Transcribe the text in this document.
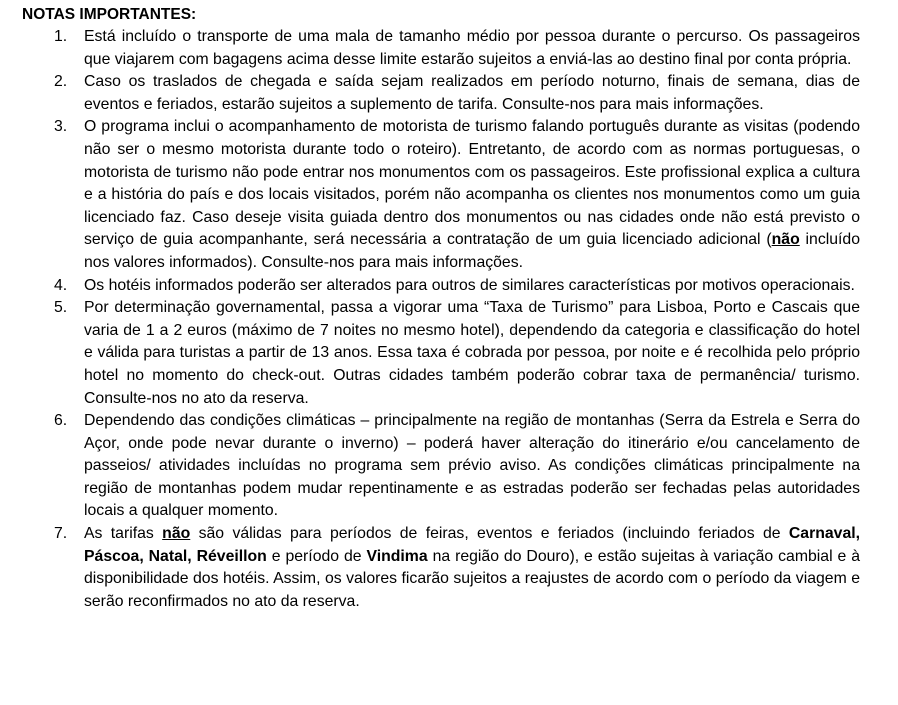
NOTAS IMPORTANTES:

1.	Está incluído o transporte de uma mala de tamanho médio por pessoa durante o percurso. Os passageiros que viajarem com bagagens acima desse limite estarão sujeitos a enviá-las ao destino final por conta própria.
2.	Caso os traslados de chegada e saída sejam realizados em período noturno, finais de semana, dias de eventos e feriados, estarão sujeitos a suplemento de tarifa. Consulte-nos para mais informações.
3.	O programa inclui o acompanhamento de motorista de turismo falando português durante as visitas (podendo não ser o mesmo motorista durante todo o roteiro). Entretanto, de acordo com as normas portuguesas, o motorista de turismo não pode entrar nos monumentos com os passageiros. Este profissional explica a cultura e a história do país e dos locais visitados, porém não acompanha os clientes nos monumentos como um guia licenciado faz. Caso deseje visita guiada dentro dos monumentos ou nas cidades onde não está previsto o serviço de guia acompanhante, será necessária a contratação de um guia licenciado adicional (não incluído nos valores informados). Consulte-nos para mais informações.
4.	Os hotéis informados poderão ser alterados para outros de similares características por motivos operacionais.
5.	Por determinação governamental, passa a vigorar uma “Taxa de Turismo” para Lisboa, Porto e Cascais que varia de 1 a 2 euros (máximo de 7 noites no mesmo hotel), dependendo da categoria e classificação do hotel e válida para turistas a partir de 13 anos. Essa taxa é cobrada por pessoa, por noite e é recolhida pelo próprio hotel no momento do check-out. Outras cidades também poderão cobrar taxa de permanência/ turismo. Consulte-nos no ato da reserva.
6.	Dependendo das condições climáticas – principalmente na região de montanhas (Serra da Estrela e Serra do Açor, onde pode nevar durante o inverno) – poderá haver alteração do itinerário e/ou cancelamento de passeios/ atividades incluídas no programa sem prévio aviso. As condições climáticas principalmente na região de montanhas podem mudar repentinamente e as estradas poderão ser fechadas pelas autoridades locais a qualquer momento.
7.	As tarifas não são válidas para períodos de feiras, eventos e feriados (incluindo feriados de Carnaval, Páscoa, Natal, Réveillon e período de Vindima na região do Douro), e estão sujeitas à variação cambial e à disponibilidade dos hotéis. Assim, os valores ficarão sujeitos a reajustes de acordo com o período da viagem e serão reconfirmados no ato da reserva.
